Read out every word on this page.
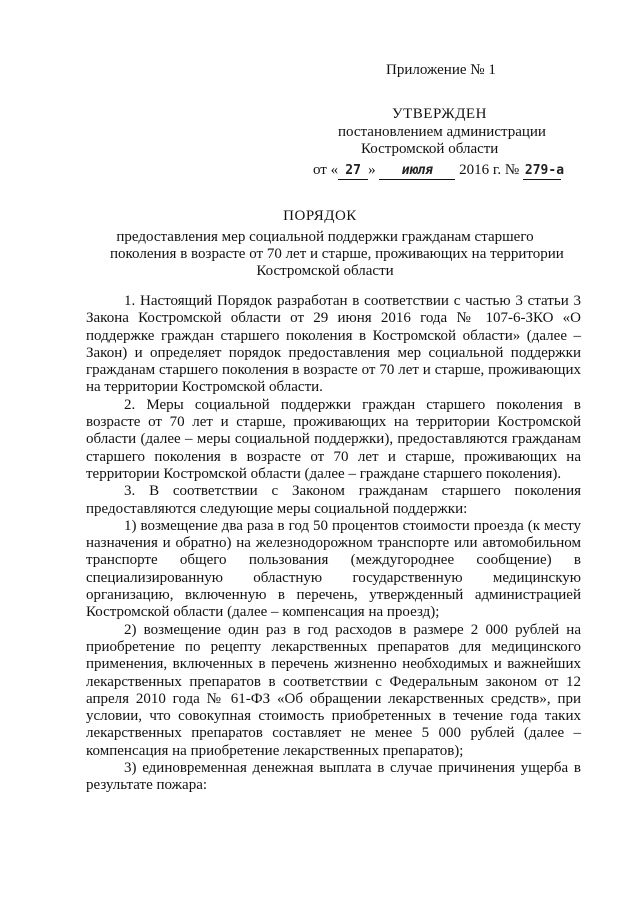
Приложение № 1
УТВЕРЖДЕН
постановлением администрации
Костромской области
от « 27 » июля 2016 г. № 279-а
ПОРЯДОК
предоставления мер социальной поддержки гражданам старшего
поколения в возрасте от 70 лет и старше, проживающих на территории
Костромской области

1. Настоящий Порядок разработан в соответствии с частью 3 статьи 3 Закона Костромской области от 29 июня 2016 года № 107-6-ЗКО «О поддержке граждан старшего поколения в Костромской области» (далее – Закон) и определяет порядок предоставления мер социальной поддержки гражданам старшего поколения в возрасте от 70 лет и старше, проживающих на территории Костромской области.

2. Меры социальной поддержки граждан старшего поколения в возрасте от 70 лет и старше, проживающих на территории Костромской области (далее – меры социальной поддержки), предоставляются гражданам старшего поколения в возрасте от 70 лет и старше, проживающих на территории Костромской области (далее – граждане старшего поколения).

3. В соответствии с Законом гражданам старшего поколения предоставляются следующие меры социальной поддержки:

1) возмещение два раза в год 50 процентов стоимости проезда (к месту назначения и обратно) на железнодорожном транспорте или автомобильном транспорте общего пользования (междугороднее сообщение) в специализированную областную государственную медицинскую организацию, включенную в перечень, утвержденный администрацией Костромской области (далее – компенсация на проезд);

2) возмещение один раз в год расходов в размере 2 000 рублей на приобретение по рецепту лекарственных препаратов для медицинского применения, включенных в перечень жизненно необходимых и важнейших лекарственных препаратов в соответствии с Федеральным законом от 12 апреля 2010 года № 61-ФЗ «Об обращении лекарственных средств», при условии, что совокупная стоимость приобретенных в течение года таких лекарственных препаратов составляет не менее 5 000 рублей (далее – компенсация на приобретение лекарственных препаратов);

3) единовременная денежная выплата в случае причинения ущерба в результате пожара:
